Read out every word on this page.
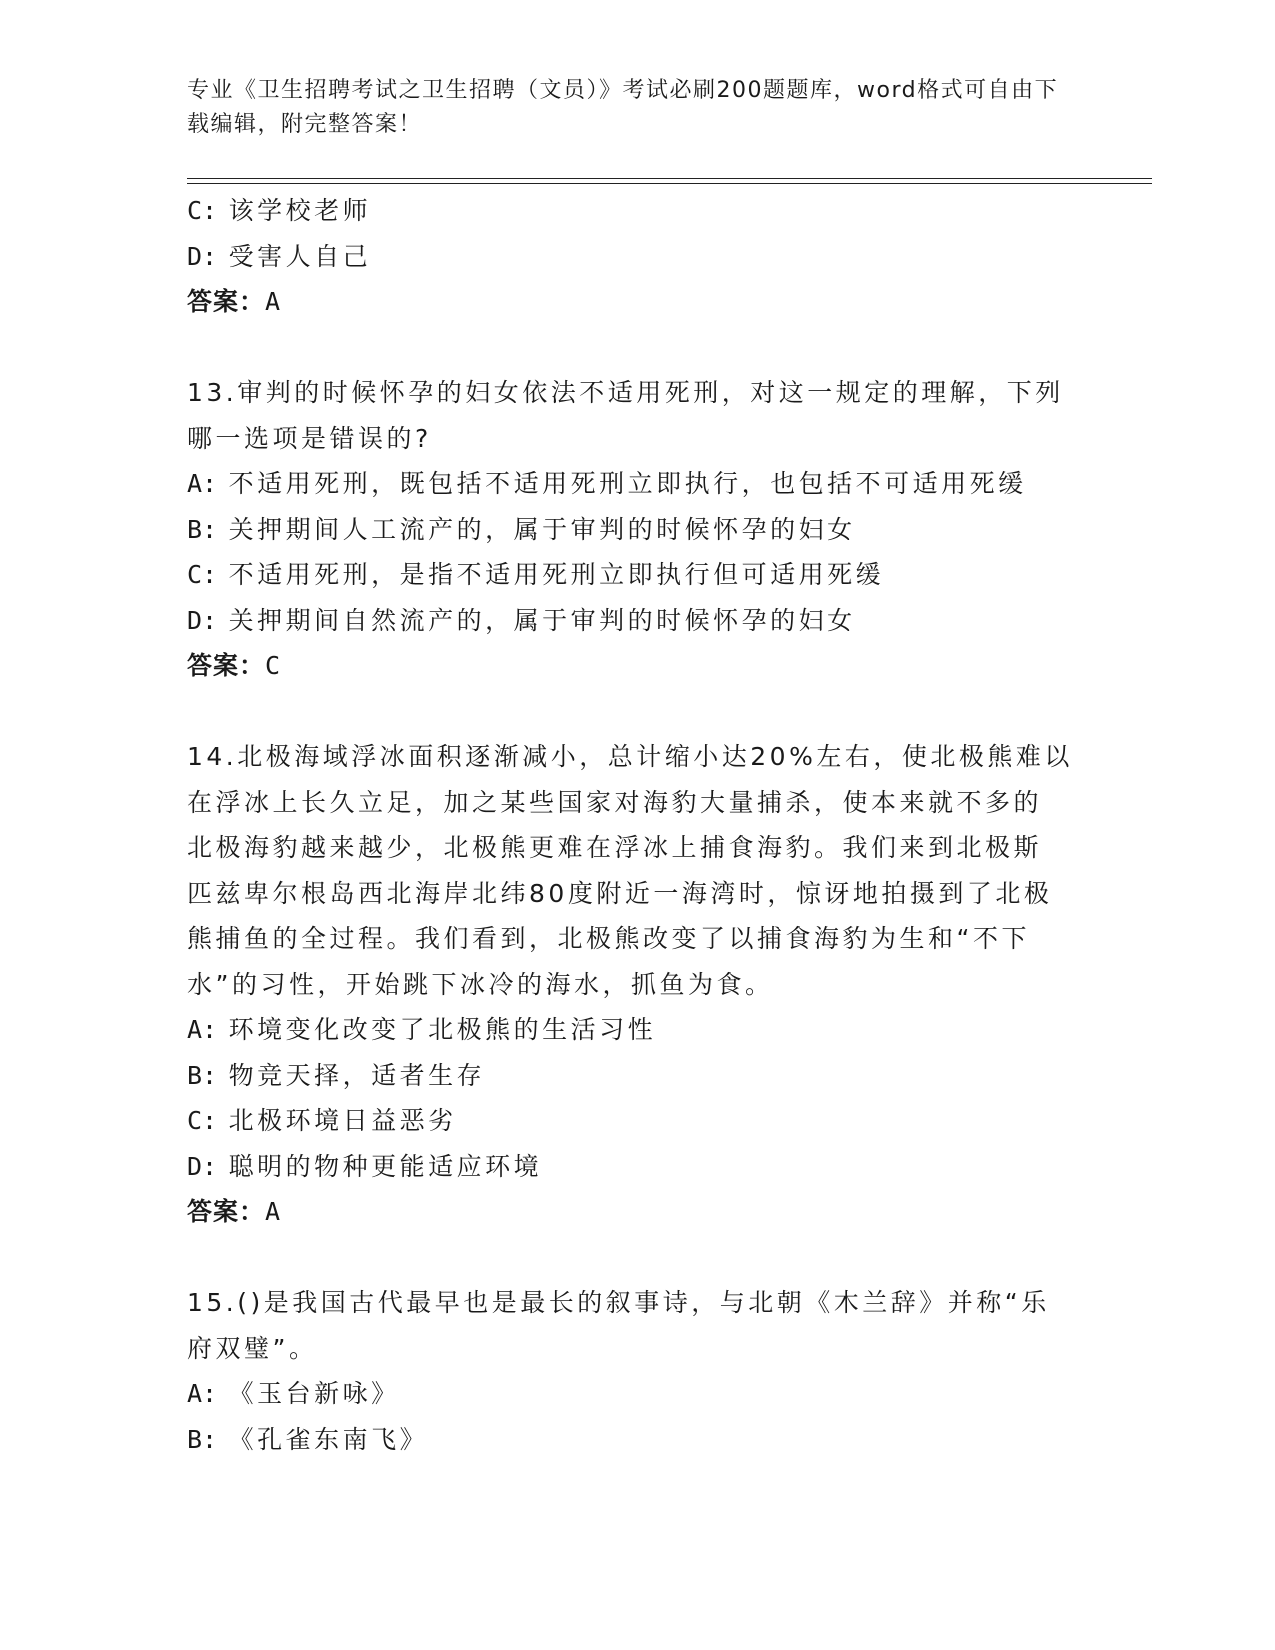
专业《卫生招聘考试之卫生招聘（文员）》考试必刷200题题库，word格式可自由下载编辑，附完整答案！

C: 该学校老师

D: 受害人自己

答案：A

13.审判的时候怀孕的妇女依法不适用死刑，对这一规定的理解，下列

哪一选项是错误的?

A: 不适用死刑，既包括不适用死刑立即执行，也包括不可适用死缓

B: 关押期间人工流产的，属于审判的时候怀孕的妇女

C: 不适用死刑，是指不适用死刑立即执行但可适用死缓

D: 关押期间自然流产的，属于审判的时候怀孕的妇女

答案：C

14.北极海域浮冰面积逐渐减小，总计缩小达20%左右，使北极熊难以

在浮冰上长久立足，加之某些国家对海豹大量捕杀，使本来就不多的

北极海豹越来越少，北极熊更难在浮冰上捕食海豹。我们来到北极斯

匹兹卑尔根岛西北海岸北纬80度附近一海湾时，惊讶地拍摄到了北极

熊捕鱼的全过程。我们看到，北极熊改变了以捕食海豹为生和“不下

水”的习性，开始跳下冰冷的海水，抓鱼为食。

A: 环境变化改变了北极熊的生活习性

B: 物竞天择，适者生存

C: 北极环境日益恶劣

D: 聪明的物种更能适应环境

答案：A

15.()是我国古代最早也是最长的叙事诗，与北朝《木兰辞》并称“乐

府双璧”。

A: 《玉台新咏》

B: 《孔雀东南飞》
